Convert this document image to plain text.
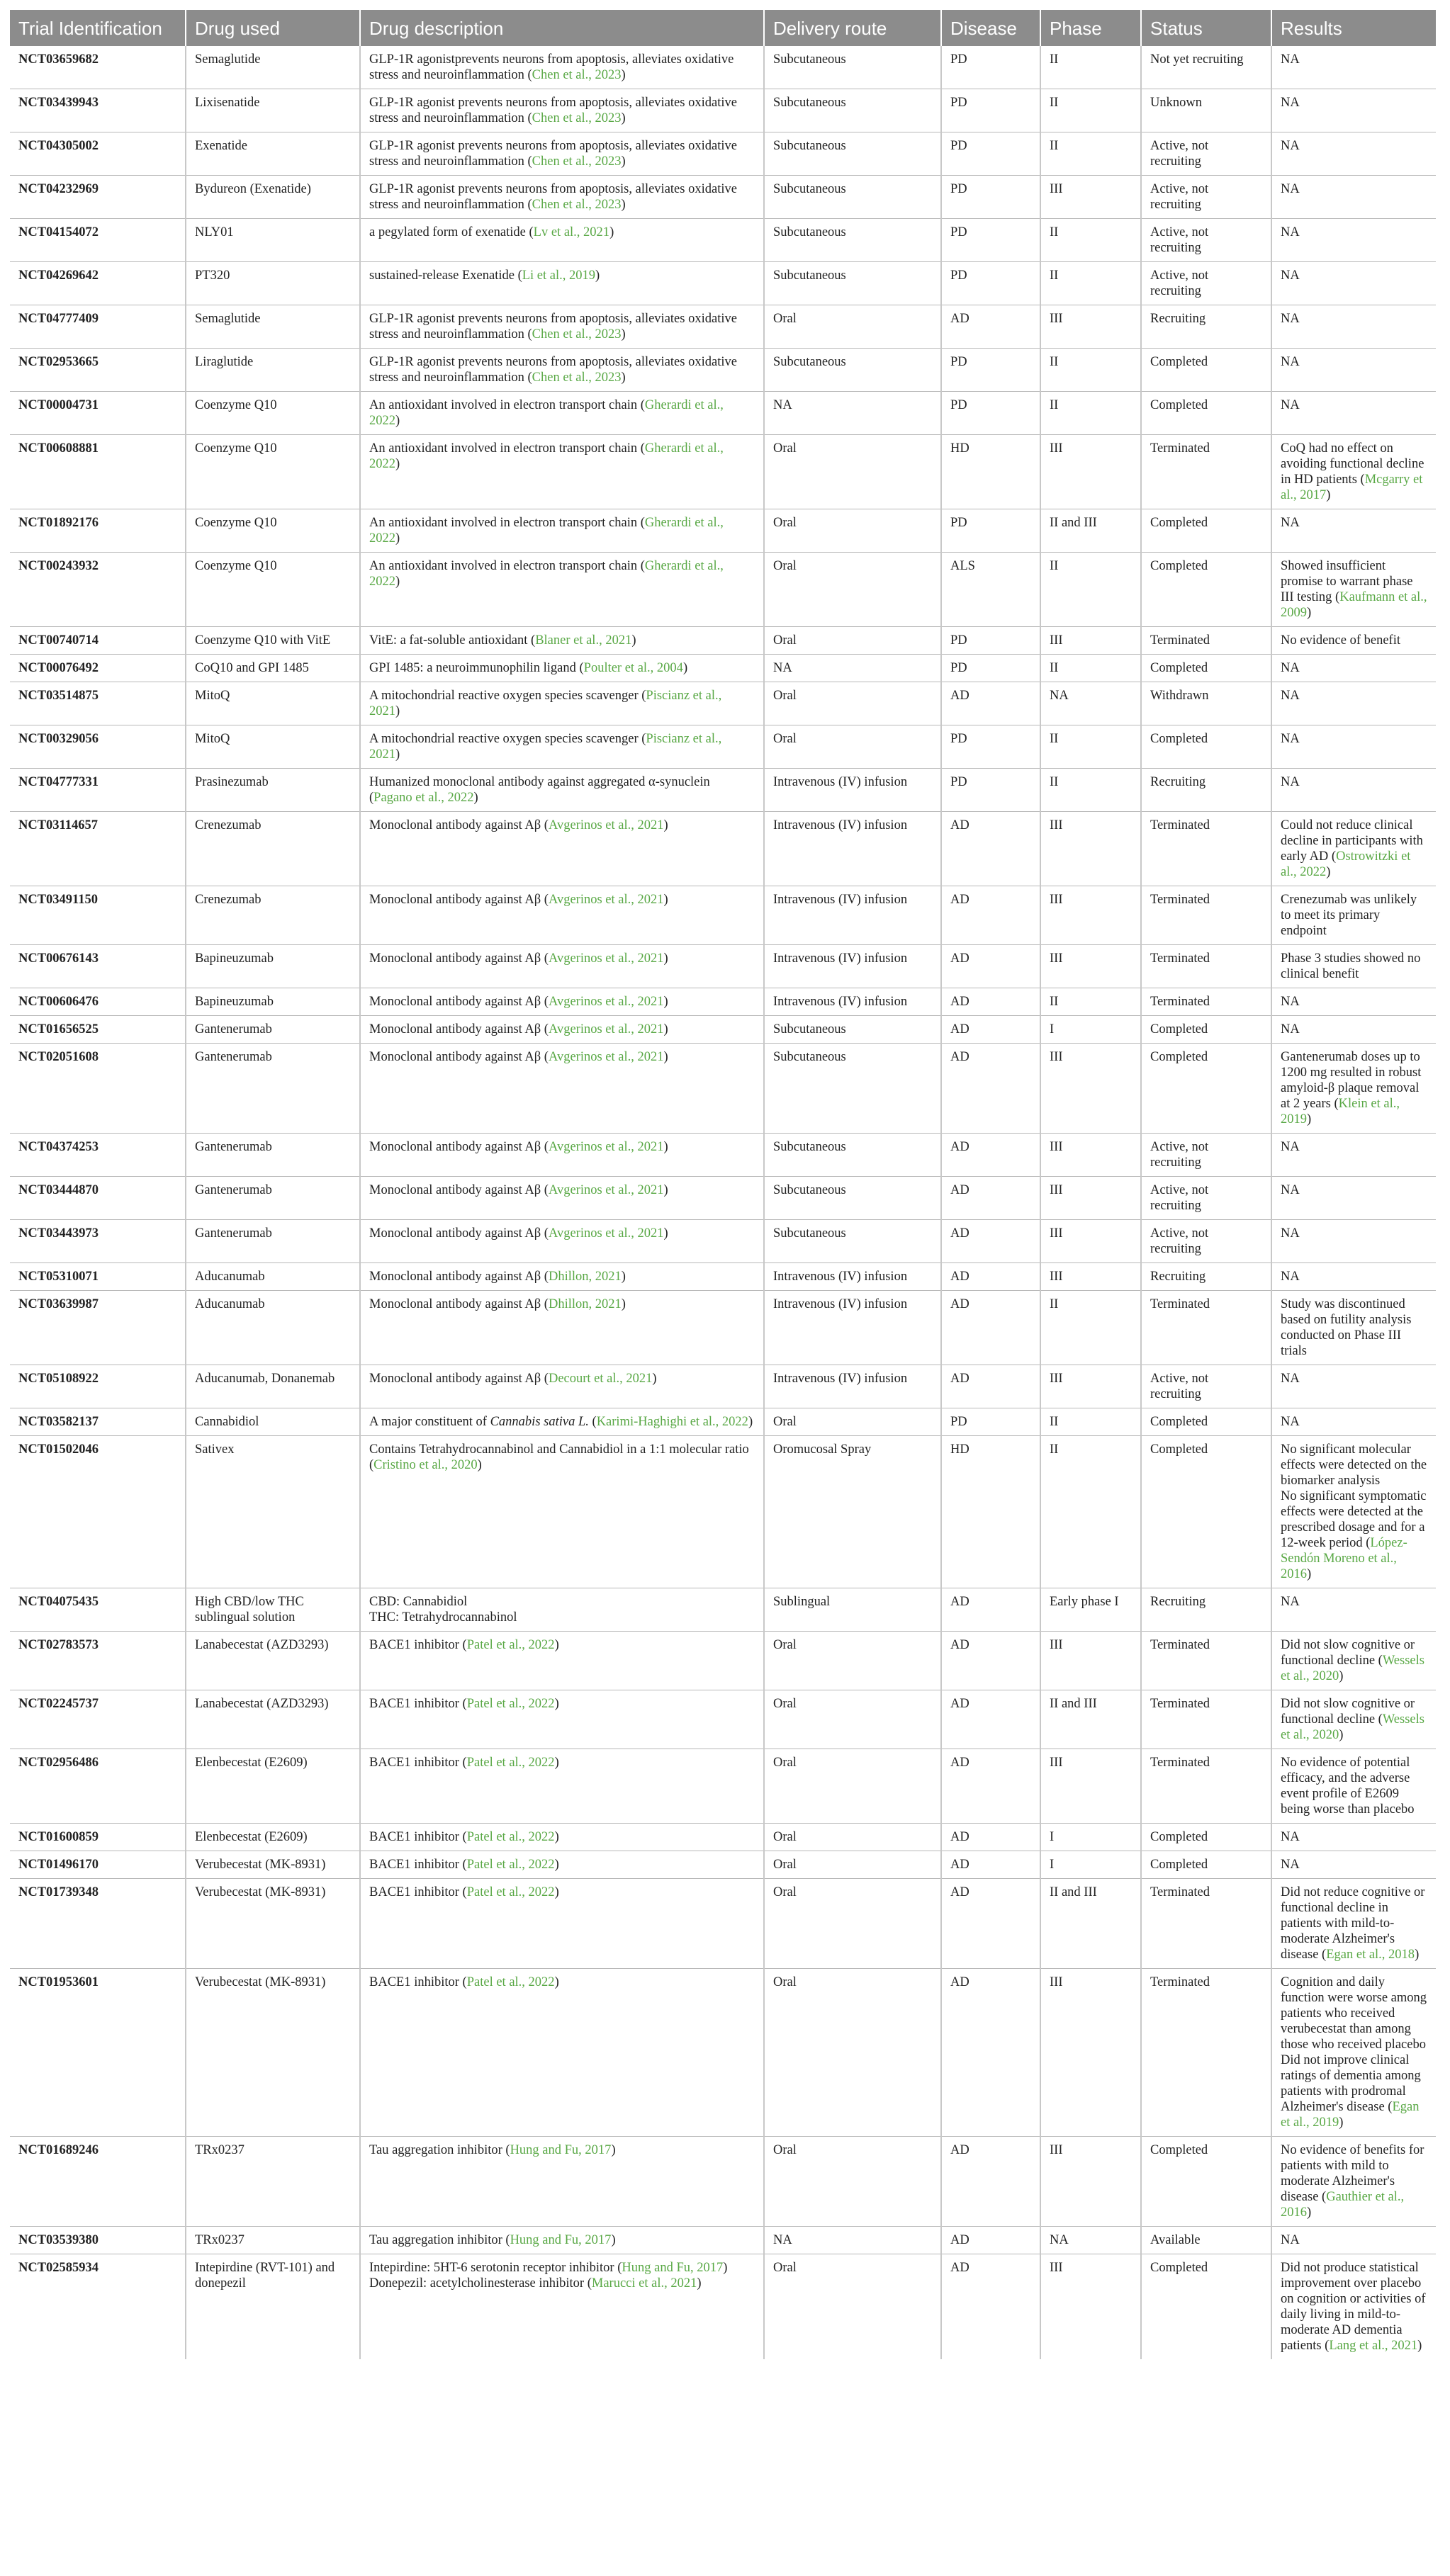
Trial Identification	Drug used	Drug description	Delivery route	Disease	Phase	Status	Results
NCT03659682	Semaglutide	GLP-1R agonistprevents neurons from apoptosis, alleviates oxidative stress and neuroinflammation (Chen et al., 2023)	Subcutaneous	PD	II	Not yet recruiting	NA
NCT03439943	Lixisenatide	GLP-1R agonist prevents neurons from apoptosis, alleviates oxidative stress and neuroinflammation (Chen et al., 2023)	Subcutaneous	PD	II	Unknown	NA
NCT04305002	Exenatide	GLP-1R agonist prevents neurons from apoptosis, alleviates oxidative stress and neuroinflammation (Chen et al., 2023)	Subcutaneous	PD	II	Active, not recruiting	NA
NCT04232969	Bydureon (Exenatide)	GLP-1R agonist prevents neurons from apoptosis, alleviates oxidative stress and neuroinflammation (Chen et al., 2023)	Subcutaneous	PD	III	Active, not recruiting	NA
NCT04154072	NLY01	a pegylated form of exenatide (Lv et al., 2021)	Subcutaneous	PD	II	Active, not recruiting	NA
NCT04269642	PT320	sustained-release Exenatide (Li et al., 2019)	Subcutaneous	PD	II	Active, not recruiting	NA
NCT04777409	Semaglutide	GLP-1R agonist prevents neurons from apoptosis, alleviates oxidative stress and neuroinflammation (Chen et al., 2023)	Oral	AD	III	Recruiting	NA
NCT02953665	Liraglutide	GLP-1R agonist prevents neurons from apoptosis, alleviates oxidative stress and neuroinflammation (Chen et al., 2023)	Subcutaneous	PD	II	Completed	NA
NCT00004731	Coenzyme Q10	An antioxidant involved in electron transport chain (Gherardi et al., 2022)	NA	PD	II	Completed	NA
NCT00608881	Coenzyme Q10	An antioxidant involved in electron transport chain (Gherardi et al., 2022)	Oral	HD	III	Terminated	CoQ had no effect on avoiding functional decline in HD patients (Mcgarry et al., 2017)
NCT01892176	Coenzyme Q10	An antioxidant involved in electron transport chain (Gherardi et al., 2022)	Oral	PD	II and III	Completed	NA
NCT00243932	Coenzyme Q10	An antioxidant involved in electron transport chain (Gherardi et al., 2022)	Oral	ALS	II	Completed	Showed insufficient promise to warrant phase III testing (Kaufmann et al., 2009)
NCT00740714	Coenzyme Q10 with VitE	VitE: a fat-soluble antioxidant (Blaner et al., 2021)	Oral	PD	III	Terminated	No evidence of benefit
NCT00076492	CoQ10 and GPI 1485	GPI 1485: a neuroimmunophilin ligand (Poulter et al., 2004)	NA	PD	II	Completed	NA
NCT03514875	MitoQ	A mitochondrial reactive oxygen species scavenger (Piscianz et al., 2021)	Oral	AD	NA	Withdrawn	NA
NCT00329056	MitoQ	A mitochondrial reactive oxygen species scavenger (Piscianz et al., 2021)	Oral	PD	II	Completed	NA
NCT04777331	Prasinezumab	Humanized monoclonal antibody against aggregated α-synuclein (Pagano et al., 2022)	Intravenous (IV) infusion	PD	II	Recruiting	NA
NCT03114657	Crenezumab	Monoclonal antibody against Aβ (Avgerinos et al., 2021)	Intravenous (IV) infusion	AD	III	Terminated	Could not reduce clinical decline in participants with early AD (Ostrowitzki et al., 2022)
NCT03491150	Crenezumab	Monoclonal antibody against Aβ (Avgerinos et al., 2021)	Intravenous (IV) infusion	AD	III	Terminated	Crenezumab was unlikely to meet its primary endpoint
NCT00676143	Bapineuzumab	Monoclonal antibody against Aβ (Avgerinos et al., 2021)	Intravenous (IV) infusion	AD	III	Terminated	Phase 3 studies showed no clinical benefit
NCT00606476	Bapineuzumab	Monoclonal antibody against Aβ (Avgerinos et al., 2021)	Intravenous (IV) infusion	AD	II	Terminated	NA
NCT01656525	Gantenerumab	Monoclonal antibody against Aβ (Avgerinos et al., 2021)	Subcutaneous	AD	I	Completed	NA
NCT02051608	Gantenerumab	Monoclonal antibody against Aβ (Avgerinos et al., 2021)	Subcutaneous	AD	III	Completed	Gantenerumab doses up to 1200 mg resulted in robust amyloid-β plaque removal at 2 years (Klein et al., 2019)
NCT04374253	Gantenerumab	Monoclonal antibody against Aβ (Avgerinos et al., 2021)	Subcutaneous	AD	III	Active, not recruiting	NA
NCT03444870	Gantenerumab	Monoclonal antibody against Aβ (Avgerinos et al., 2021)	Subcutaneous	AD	III	Active, not recruiting	NA
NCT03443973	Gantenerumab	Monoclonal antibody against Aβ (Avgerinos et al., 2021)	Subcutaneous	AD	III	Active, not recruiting	NA
NCT05310071	Aducanumab	Monoclonal antibody against Aβ (Dhillon, 2021)	Intravenous (IV) infusion	AD	III	Recruiting	NA
NCT03639987	Aducanumab	Monoclonal antibody against Aβ (Dhillon, 2021)	Intravenous (IV) infusion	AD	II	Terminated	Study was discontinued based on futility analysis conducted on Phase III trials
NCT05108922	Aducanumab, Donanemab	Monoclonal antibody against Aβ (Decourt et al., 2021)	Intravenous (IV) infusion	AD	III	Active, not recruiting	NA
NCT03582137	Cannabidiol	A major constituent of Cannabis sativa L. (Karimi-Haghighi et al., 2022)	Oral	PD	II	Completed	NA
NCT01502046	Sativex	Contains Tetrahydrocannabinol and Cannabidiol in a 1:1 molecular ratio (Cristino et al., 2020)	Oromucosal Spray	HD	II	Completed	No significant molecular effects were detected on the biomarker analysis
No significant symptomatic effects were detected at the prescribed dosage and for a 12-week period (López-Sendón Moreno et al., 2016)
NCT04075435	High CBD/low THC sublingual solution	CBD: Cannabidiol
THC: Tetrahydrocannabinol	Sublingual	AD	Early phase I	Recruiting	NA
NCT02783573	Lanabecestat (AZD3293)	BACE1 inhibitor (Patel et al., 2022)	Oral	AD	III	Terminated	Did not slow cognitive or functional decline (Wessels et al., 2020)
NCT02245737	Lanabecestat (AZD3293)	BACE1 inhibitor (Patel et al., 2022)	Oral	AD	II and III	Terminated	Did not slow cognitive or functional decline (Wessels et al., 2020)
NCT02956486	Elenbecestat (E2609)	BACE1 inhibitor (Patel et al., 2022)	Oral	AD	III	Terminated	No evidence of potential efficacy, and the adverse event profile of E2609 being worse than placebo
NCT01600859	Elenbecestat (E2609)	BACE1 inhibitor (Patel et al., 2022)	Oral	AD	I	Completed	NA
NCT01496170	Verubecestat (MK-8931)	BACE1 inhibitor (Patel et al., 2022)	Oral	AD	I	Completed	NA
NCT01739348	Verubecestat (MK-8931)	BACE1 inhibitor (Patel et al., 2022)	Oral	AD	II and III	Terminated	Did not reduce cognitive or functional decline in patients with mild-to-moderate Alzheimer's disease (Egan et al., 2018)
NCT01953601	Verubecestat (MK-8931)	BACE1 inhibitor (Patel et al., 2022)	Oral	AD	III	Terminated	Cognition and daily function were worse among patients who received verubecestat than among those who received placebo
Did not improve clinical ratings of dementia among patients with prodromal Alzheimer's disease (Egan et al., 2019)
NCT01689246	TRx0237	Tau aggregation inhibitor (Hung and Fu, 2017)	Oral	AD	III	Completed	No evidence of benefits for patients with mild to moderate Alzheimer's disease (Gauthier et al., 2016)
NCT03539380	TRx0237	Tau aggregation inhibitor (Hung and Fu, 2017)	NA	AD	NA	Available	NA
NCT02585934	Intepirdine (RVT-101) and donepezil	Intepirdine: 5HT-6 serotonin receptor inhibitor (Hung and Fu, 2017)
Donepezil: acetylcholinesterase inhibitor (Marucci et al., 2021)	Oral	AD	III	Completed	Did not produce statistical improvement over placebo on cognition or activities of daily living in mild-to-moderate AD dementia patients (Lang et al., 2021)
